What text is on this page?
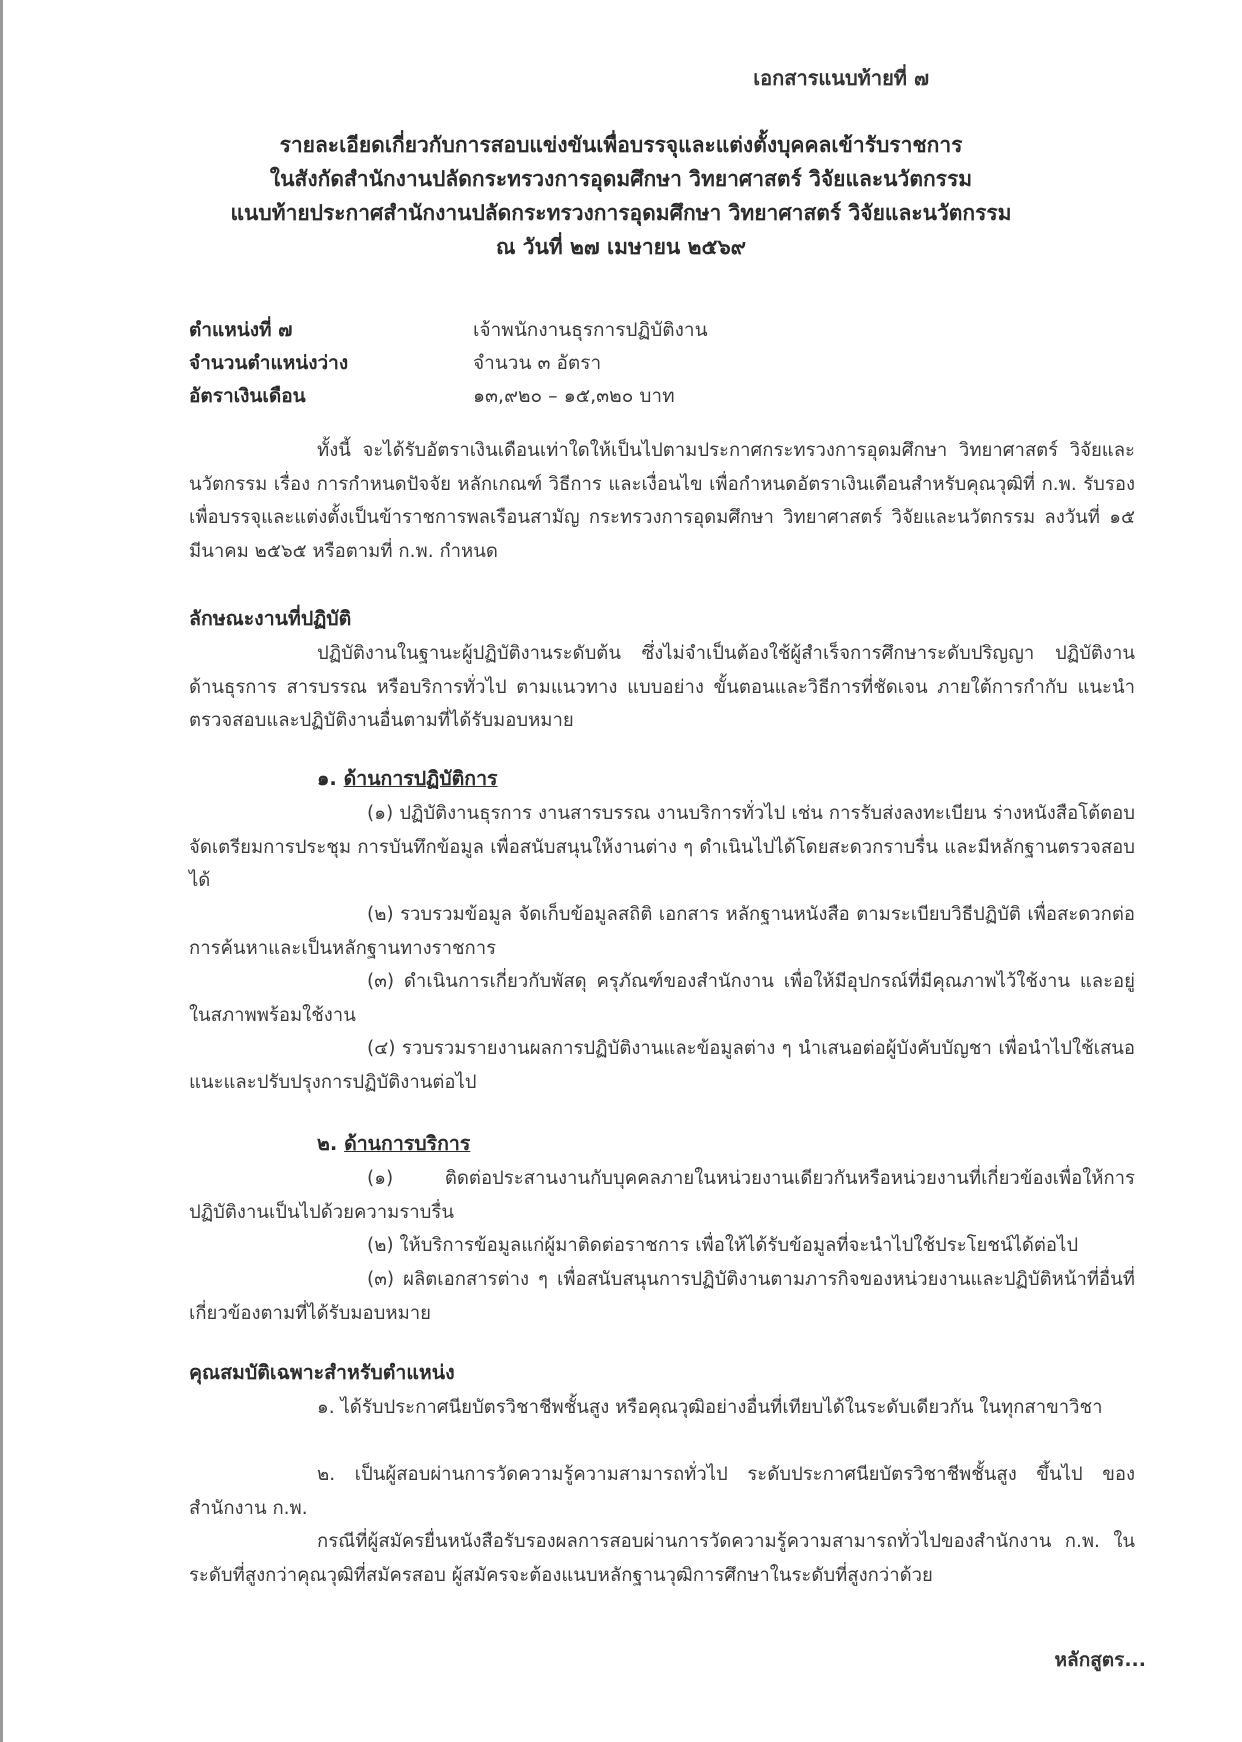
เอกสารแนบท้ายที่ ๗
รายละเอียดเกี่ยวกับการสอบแข่งขันเพื่อบรรจุและแต่งตั้งบุคคลเข้ารับราชการ
ในสังกัดสำนักงานปลัดกระทรวงการอุดมศึกษา วิทยาศาสตร์ วิจัยและนวัตกรรม
แนบท้ายประกาศสำนักงานปลัดกระทรวงการอุดมศึกษา วิทยาศาสตร์ วิจัยและนวัตกรรม
ณ วันที่ ๒๗ เมษายน ๒๕๖๙
ตำแหน่งที่ ๗	เจ้าพนักงานธุรการปฏิบัติงาน
จำนวนตำแหน่งว่าง	จำนวน ๓ อัตรา
อัตราเงินเดือน	๑๓,๙๒๐ – ๑๕,๓๒๐ บาท
ทั้งนี้ จะได้รับอัตราเงินเดือนเท่าใดให้เป็นไปตามประกาศกระทรวงการอุดมศึกษา วิทยาศาสตร์ วิจัยและนวัตกรรม เรื่อง การกำหนดปัจจัย หลักเกณฑ์ วิธีการ และเงื่อนไข เพื่อกำหนดอัตราเงินเดือนสำหรับคุณวุฒิที่ ก.พ. รับรอง เพื่อบรรจุและแต่งตั้งเป็นข้าราชการพลเรือนสามัญ กระทรวงการอุดมศึกษา วิทยาศาสตร์ วิจัยและนวัตกรรม ลงวันที่ ๑๕ มีนาคม ๒๕๖๕ หรือตามที่ ก.พ. กำหนด
ลักษณะงานที่ปฏิบัติ
ปฏิบัติงานในฐานะผู้ปฏิบัติงานระดับต้น ซึ่งไม่จำเป็นต้องใช้ผู้สำเร็จการศึกษาระดับปริญญา ปฏิบัติงานด้านธุรการ สารบรรณ หรือบริการทั่วไป ตามแนวทาง แบบอย่าง ขั้นตอนและวิธีการที่ชัดเจน ภายใต้การกำกับ แนะนำ ตรวจสอบและปฏิบัติงานอื่นตามที่ได้รับมอบหมาย
๑. ด้านการปฏิบัติการ
(๑) ปฏิบัติงานธุรการ งานสารบรรณ งานบริการทั่วไป เช่น การรับส่งลงทะเบียน ร่างหนังสือโต้ตอบ จัดเตรียมการประชุม การบันทึกข้อมูล เพื่อสนับสนุนให้งานต่าง ๆ ดำเนินไปได้โดยสะดวกราบรื่น และมีหลักฐานตรวจสอบได้
(๒) รวบรวมข้อมูล จัดเก็บข้อมูลสถิติ เอกสาร หลักฐานหนังสือ ตามระเบียบวิธีปฏิบัติ เพื่อสะดวกต่อการค้นหาและเป็นหลักฐานทางราชการ
(๓) ดำเนินการเกี่ยวกับพัสดุ ครุภัณฑ์ของสำนักงาน เพื่อให้มีอุปกรณ์ที่มีคุณภาพไว้ใช้งาน และอยู่ในสภาพพร้อมใช้งาน
(๔) รวบรวมรายงานผลการปฏิบัติงานและข้อมูลต่าง ๆ นำเสนอต่อผู้บังคับบัญชา เพื่อนำไปใช้เสนอแนะและปรับปรุงการปฏิบัติงานต่อไป
๒. ด้านการบริการ
(๑) ติดต่อประสานงานกับบุคคลภายในหน่วยงานเดียวกันหรือหน่วยงานที่เกี่ยวข้องเพื่อให้การปฏิบัติงานเป็นไปด้วยความราบรื่น
(๒) ให้บริการข้อมูลแก่ผู้มาติดต่อราชการ เพื่อให้ได้รับข้อมูลที่จะนำไปใช้ประโยชน์ได้ต่อไป
(๓) ผลิตเอกสารต่าง ๆ เพื่อสนับสนุนการปฏิบัติงานตามภารกิจของหน่วยงานและปฏิบัติหน้าที่อื่นที่เกี่ยวข้องตามที่ได้รับมอบหมาย
คุณสมบัติเฉพาะสำหรับตำแหน่ง
๑. ได้รับประกาศนียบัตรวิชาชีพชั้นสูง หรือคุณวุฒิอย่างอื่นที่เทียบได้ในระดับเดียวกัน ในทุกสาขาวิชา
๒. เป็นผู้สอบผ่านการวัดความรู้ความสามารถทั่วไป ระดับประกาศนียบัตรวิชาชีพชั้นสูง ขึ้นไป ของสำนักงาน ก.พ.
กรณีที่ผู้สมัครยื่นหนังสือรับรองผลการสอบผ่านการวัดความรู้ความสามารถทั่วไปของสำนักงาน ก.พ. ในระดับที่สูงกว่าคุณวุฒิที่สมัครสอบ ผู้สมัครจะต้องแนบหลักฐานวุฒิการศึกษาในระดับที่สูงกว่าด้วย
หลักสูตร...
